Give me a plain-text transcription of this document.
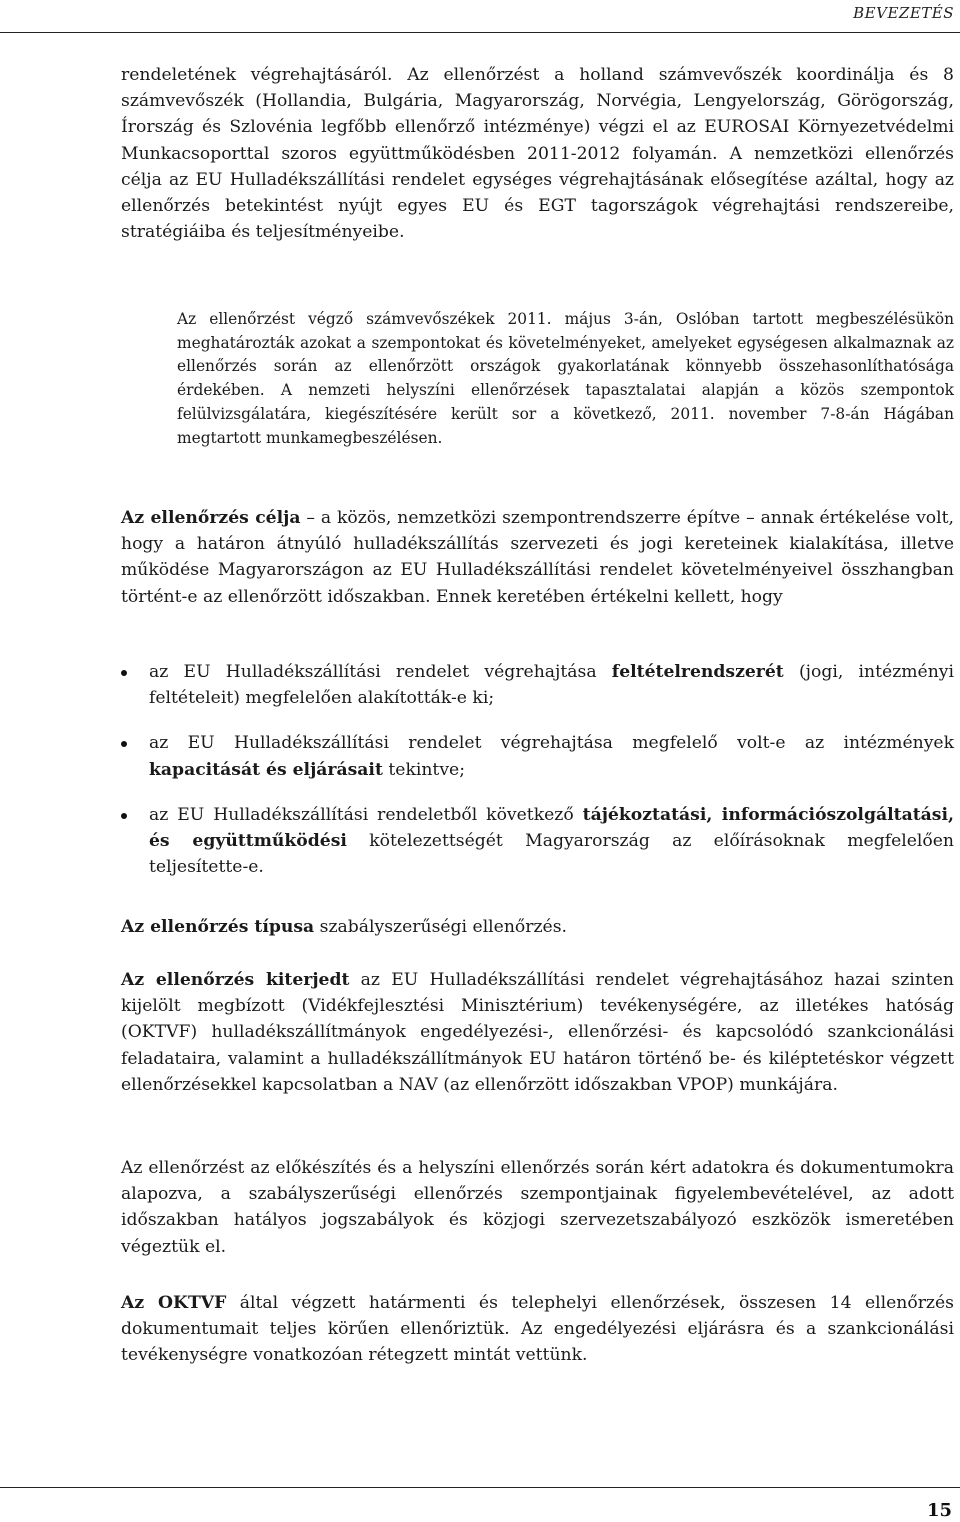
BEVEZETÉS

rendeletének végrehajtásáról. Az ellenőrzést a holland számvevőszék koordinálja és 8 számvevőszék (Hollandia, Bulgária, Magyarország, Norvégia, Lengyelország, Görögország, Írország és Szlovénia legfőbb ellenőrző intézménye) végzi el az EUROSAI Környezetvédelmi Munkacsoporttal szoros együttműködésben 2011-2012 folyamán. A nemzetközi ellenőrzés célja az EU Hulladékszállítási rendelet egységes végrehajtásának elősegítése azáltal, hogy az ellenőrzés betekintést nyújt egyes EU és EGT tagországok végrehajtási rendszereibe, stratégiáiba és teljesítményeibe.

Az ellenőrzést végző számvevőszékek 2011. május 3-án, Oslóban tartott megbeszélésükön meghatározták azokat a szempontokat és követelményeket, amelyeket egységesen alkalmaznak az ellenőrzés során az ellenőrzött országok gyakorlatának könnyebb összehasonlíthatósága érdekében. A nemzeti helyszíni ellenőrzések tapasztalatai alapján a közös szempontok felülvizsgálatára, kiegészítésére került sor a következő, 2011. november 7-8-án Hágában megtartott munkamegbeszélésen.

Az ellenőrzés célja – a közös, nemzetközi szempontrendszerre építve – annak értékelése volt, hogy a határon átnyúló hulladékszállítás szervezeti és jogi kereteinek kialakítása, illetve működése Magyarországon az EU Hulladékszállítási rendelet követelményeivel összhangban történt-e az ellenőrzött időszakban. Ennek keretében értékelni kellett, hogy

az EU Hulladékszállítási rendelet végrehajtása feltételrendszerét (jogi, intézményi feltételeit) megfelelően alakították-e ki;
az EU Hulladékszállítási rendelet végrehajtása megfelelő volt-e az intézmények kapacitását és eljárásait tekintve;
az EU Hulladékszállítási rendeletből következő tájékoztatási, információszolgáltatási, és együttműködési kötelezettségét Magyarország az előírásoknak megfelelően teljesítette-e.

Az ellenőrzés típusa szabályszerűségi ellenőrzés.

Az ellenőrzés kiterjedt az EU Hulladékszállítási rendelet végrehajtásához hazai szinten kijelölt megbízott (Vidékfejlesztési Minisztérium) tevékenységére, az illetékes hatóság (OKTVF) hulladékszállítmányok engedélyezési-, ellenőrzési- és kapcsolódó szankcionálási feladataira, valamint a hulladékszállítmányok EU határon történő be- és kiléptetéskor végzett ellenőrzésekkel kapcsolatban a NAV (az ellenőrzött időszakban VPOP) munkájára.

Az ellenőrzést az előkészítés és a helyszíni ellenőrzés során kért adatokra és dokumentumokra alapozva, a szabályszerűségi ellenőrzés szempontjainak figyelembevételével, az adott időszakban hatályos jogszabályok és közjogi szervezetszabályozó eszközök ismeretében végeztük el.

Az OKTVF által végzett határmenti és telephelyi ellenőrzések, összesen 14 ellenőrzés dokumentumait teljes körűen ellenőriztük. Az engedélyezési eljárásra és a szankcionálási tevékenységre vonatkozóan rétegzett mintát vettünk.

15
